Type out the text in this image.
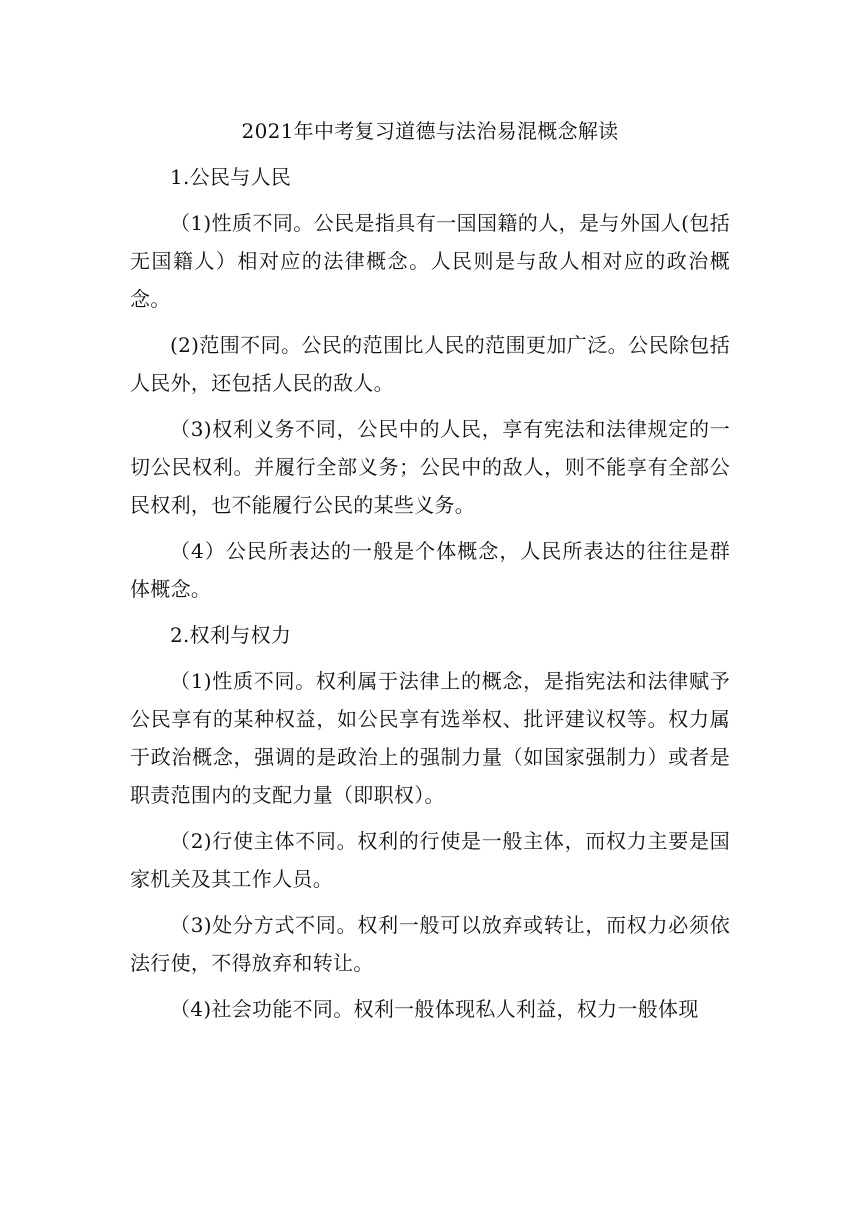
2021年中考复习道德与法治易混概念解读

1.公民与人民

（1)性质不同。公民是指具有一国国籍的人，是与外国人(包括无国籍人）相对应的法律概念。人民则是与敌人相对应的政治概念。

(2)范围不同。公民的范围比人民的范围更加广泛。公民除包括人民外，还包括人民的敌人。

（3)权利义务不同，公民中的人民，享有宪法和法律规定的一切公民权利。并履行全部义务；公民中的敌人，则不能享有全部公民权利，也不能履行公民的某些义务。

（4）公民所表达的一般是个体概念，人民所表达的往往是群体概念。

2.权利与权力

（1)性质不同。权利属于法律上的概念，是指宪法和法律赋予公民享有的某种权益，如公民享有选举权、批评建议权等。权力属于政治概念，强调的是政治上的强制力量（如国家强制力）或者是职责范围内的支配力量（即职权）。

（2)行使主体不同。权利的行使是一般主体，而权力主要是国家机关及其工作人员。

（3)处分方式不同。权利一般可以放弃或转让，而权力必须依法行使，不得放弃和转让。

（4)社会功能不同。权利一般体现私人利益，权力一般体现
